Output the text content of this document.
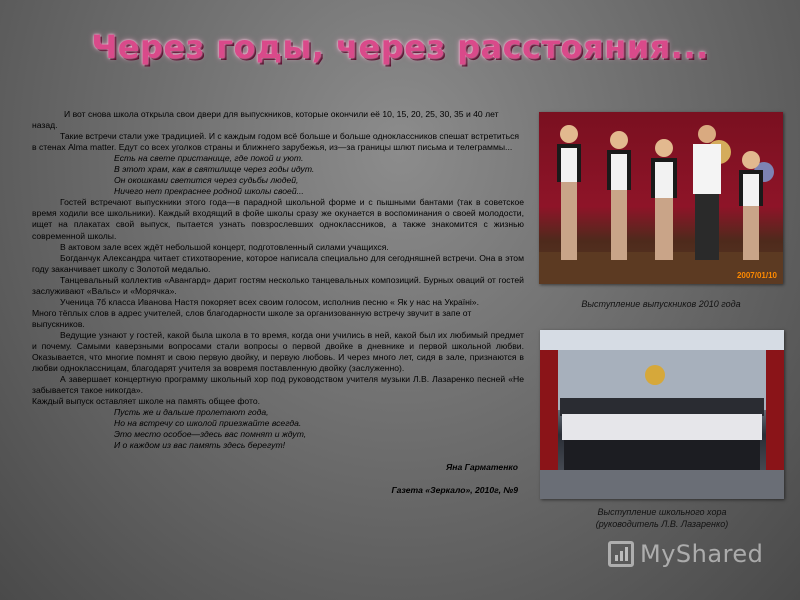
Через годы, через расстояния...

И вот снова школа открыла свои двери для выпускников, которые окончили её 10, 15, 20, 25, 30, 35 и 40 лет назад.

Такие встречи стали уже традицией. И с каждым годом всё больше и больше одноклассников спешат встретиться в стенах Alma matter. Едут со всех уголков страны и ближнего зарубежья, из—за границы шлют письма и телеграммы...

Есть на свете пристанище, где покой и уют.
В этот храм, как в святилище через годы идут.
Он окошками светится через судьбы людей,
Ничего нет прекраснее родной школы своей...

Гостей встречают выпускники этого года—в парадной школьной форме и с пышными бантами (так в советское время ходили все школьники). Каждый входящий в фойе школы сразу же окунается в воспоминания о своей молодости, ищет на плакатах свой выпуск, пытается узнать повзрослевших одноклассников, а также знакомится с жизнью современной школы.

В актовом зале всех ждёт небольшой концерт, подготовленный силами учащихся.

Богданчук Александра читает стихотворение, которое написала специально для сегодняшней встречи. Она в этом году заканчивает школу с Золотой медалью.

Танцевальный коллектив «Авангард» дарит гостям несколько танцевальных композиций. Бурных оваций от гостей заслуживают «Вальс» и «Морячка».

Ученица 7б класса Иванова Настя покоряет всех своим голосом, исполнив песню « Як у нас на Україні».

Много тёплых слов в адрес учителей, слов благодарности школе за организованную встречу звучит в запе от выпускников.

Ведущие узнают у гостей, какой была школа в то время, когда они учились в ней, какой был их любимый предмет и почему. Самыми каверзными вопросами стали вопросы о первой двойке в дневнике и первой школьной любви. Оказывается, что многие помнят и свою первую двойку, и первую любовь. И через много лет, сидя в зале, признаются в любви одноклассницам, благодарят учителя за вовремя поставленную двойку (заслуженно).

А завершает концертную программу школьный хор под руководством учителя музыки Л.В. Лазаренко песней «Не забывается такое никогда».

Каждый выпуск оставляет школе на память общее фото.

Пусть же и дальше пролетают года,
Но на встречу со школой приезжайте всегда.
Это место особое—здесь вас помнят и ждут,
И о каждом из вас память здесь берегут!

Яна Гарматенко

Газета «Зеркало», 2010г, №9

2007/01/10
Выступление выпускников 2010 года
Выступление школьного хора
(руководитель Л.В. Лазаренко)
MyShared
